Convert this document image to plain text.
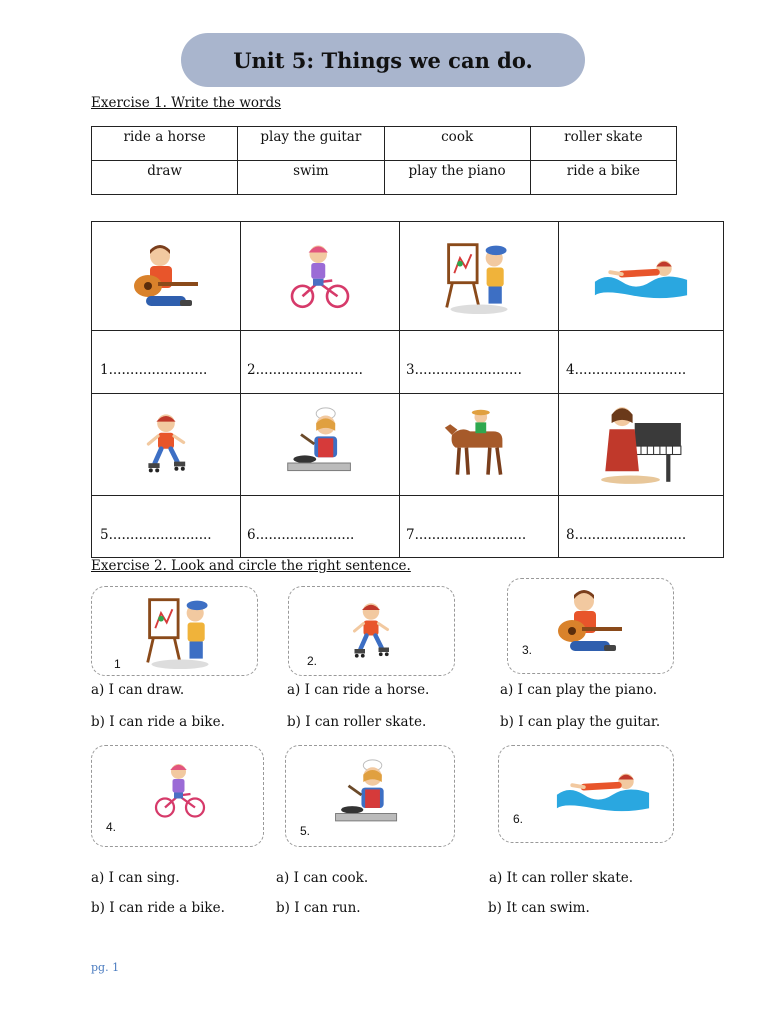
Unit 5: Things we can do.
Exercise 1. Write the words
ride a horse	play the guitar	cook	roller skate
draw	swim	play the piano	ride a bike
1.......................	2.........................	3.........................	4..........................
5........................	6.......................	7..........................	8..........................
Exercise 2. Look and circle the right sentence.
1	2.
3.
a) I can draw.
b) I can ride a bike.
a) I can ride a horse.
b) I can roller skate.
a) I can play the piano.
b) I can play the guitar.
4.	5.
6.
a) I can sing.
b) I can ride a bike.
a) I can cook.
b) I can run.
a) It can roller skate.
b) It can swim.
pg. 1
